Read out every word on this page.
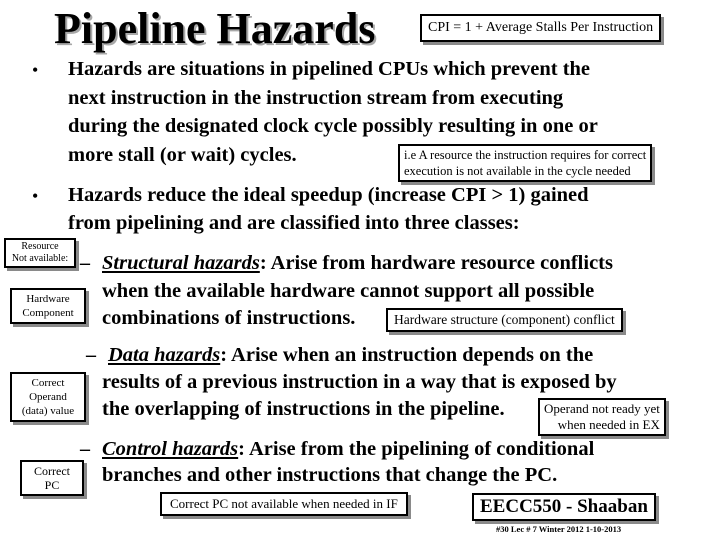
Pipeline Hazards	CPI = 1 + Average Stalls Per Instruction
• Hazards are situations in pipelined CPUs which prevent the
next instruction in the instruction stream from executing
during the designated clock cycle possibly resulting in one or
more stall (or wait) cycles.	i.e A resource the instruction requires for correct
execution is not available in the cycle needed
• Hazards reduce the ideal speedup (increase CPI > 1) gained
from pipelining and are classified into three classes:
Resource
Not available:
Hardware
Component
Correct
Operand
(data) value
Correct
PC
– Structural hazards: Arise from hardware resource conflicts
when the available hardware cannot support all possible
combinations of instructions.	Hardware structure (component) conflict
– Data hazards: Arise when an instruction depends on the
results of a previous instruction in a way that is exposed by
the overlapping of instructions in the pipeline.	Operand not ready yet
when needed in EX
– Control hazards: Arise from the pipelining of conditional
branches and other instructions that change the PC.
Correct PC not available when needed in IF	EECC550 - Shaaban
#30 Lec # 7 Winter 2012 1-10-2013
